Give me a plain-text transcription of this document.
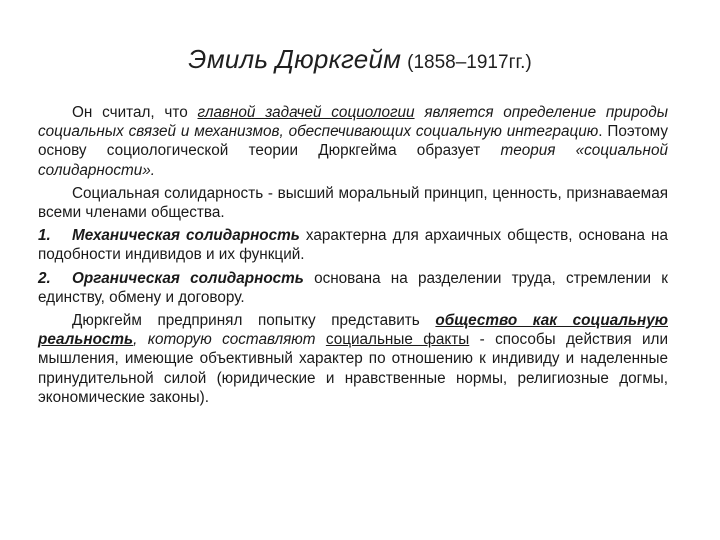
Эмиль Дюркгейм (1858–1917гг.)

Он считал, что главной задачей социологии является определение природы социальных связей и механизмов, обеспечивающих социальную интеграцию. Поэтому основу социологической теории Дюркгейма образует теория «социальной солидарности».

Социальная солидарность - высший моральный принцип, ценность, признаваемая всеми членами общества.

1. Механическая солидарность характерна для архаичных обществ, основана на подобности индивидов и их функций.

2. Органическая солидарность основана на разделении труда, стремлении к единству, обмену и договору.

Дюркгейм предпринял попытку представить общество как социальную реальность, которую составляют социальные факты - способы действия или мышления, имеющие объективный характер по отношению к индивиду и наделенные принудительной силой (юридические и нравственные нормы, религиозные догмы, экономические законы).
